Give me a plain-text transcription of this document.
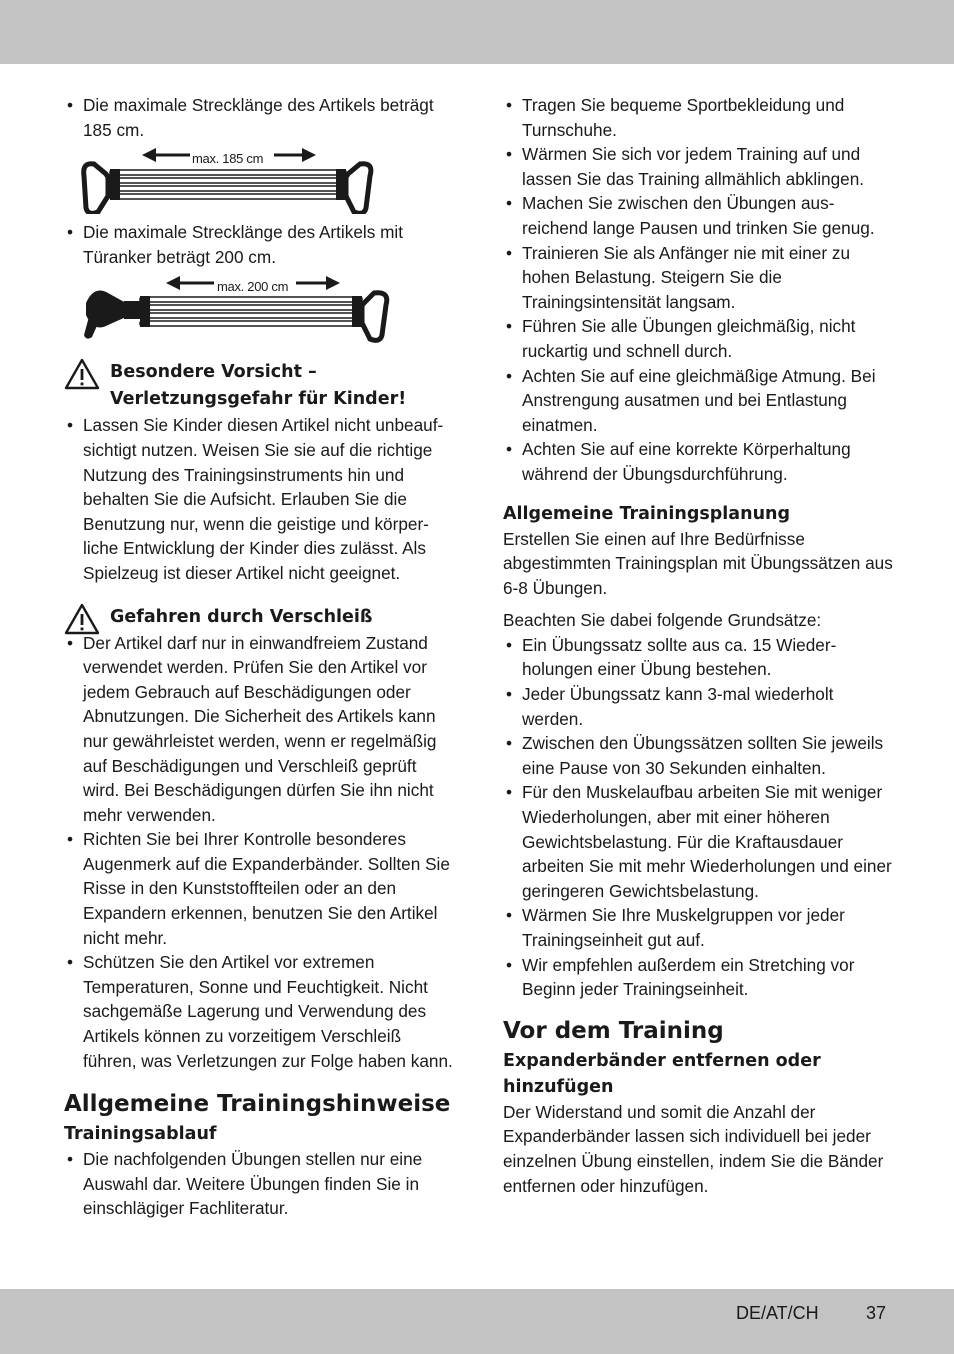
• Die maximale Strecklänge des Artikels beträgt 185 cm.
max. 185 cm
• Die maximale Strecklänge des Artikels mit Türanker beträgt 200 cm.
max. 200 cm
Besondere Vorsicht –
Verletzungsgefahr für Kinder!
• Lassen Sie Kinder diesen Artikel nicht unbeaufsichtigt nutzen. Weisen Sie sie auf die richtige Nutzung des Trainingsinstruments hin und behalten Sie die Aufsicht. Erlauben Sie die Benutzung nur, wenn die geistige und körperliche Entwicklung der Kinder dies zulässt. Als Spielzeug ist dieser Artikel nicht geeignet.
Gefahren durch Verschleiß
• Der Artikel darf nur in einwandfreiem Zustand verwendet werden. Prüfen Sie den Artikel vor jedem Gebrauch auf Beschädigungen oder Abnutzungen. Die Sicherheit des Artikels kann nur gewährleistet werden, wenn er regelmäßig auf Beschädigungen und Verschleiß geprüft wird. Bei Beschädigungen dürfen Sie ihn nicht mehr verwenden.
• Richten Sie bei Ihrer Kontrolle besonderes Augenmerk auf die Expanderbänder. Sollten Sie Risse in den Kunststoffteilen oder an den Expandern erkennen, benutzen Sie den Artikel nicht mehr.
• Schützen Sie den Artikel vor extremen Temperaturen, Sonne und Feuchtigkeit. Nicht sachgemäße Lagerung und Verwendung des Artikels können zu vorzeitigem Verschleiß führen, was Verletzungen zur Folge haben kann.
Allgemeine Trainingshinweise
Trainingsablauf
• Die nachfolgenden Übungen stellen nur eine Auswahl dar. Weitere Übungen finden Sie in einschlägiger Fachliteratur.
• Tragen Sie bequeme Sportbekleidung und Turnschuhe.
• Wärmen Sie sich vor jedem Training auf und lassen Sie das Training allmählich abklingen.
• Machen Sie zwischen den Übungen ausreichend lange Pausen und trinken Sie genug.
• Trainieren Sie als Anfänger nie mit einer zu hohen Belastung. Steigern Sie die Trainingsintensität langsam.
• Führen Sie alle Übungen gleichmäßig, nicht ruckartig und schnell durch.
• Achten Sie auf eine gleichmäßige Atmung. Bei Anstrengung ausatmen und bei Entlastung einatmen.
• Achten Sie auf eine korrekte Körperhaltung während der Übungsdurchführung.
Allgemeine Trainingsplanung

Erstellen Sie einen auf Ihre Bedürfnisse abgestimmten Trainingsplan mit Übungssätzen aus 6-8 Übungen.

Beachten Sie dabei folgende Grundsätze:

• Ein Übungssatz sollte aus ca. 15 Wiederholungen einer Übung bestehen.
• Jeder Übungssatz kann 3-mal wiederholt werden.
• Zwischen den Übungssätzen sollten Sie jeweils eine Pause von 30 Sekunden einhalten.
• Für den Muskelaufbau arbeiten Sie mit weniger Wiederholungen, aber mit einer höheren Gewichtsbelastung. Für die Kraftausdauer arbeiten Sie mit mehr Wiederholungen und einer geringeren Gewichtsbelastung.
• Wärmen Sie Ihre Muskelgruppen vor jeder Trainingseinheit gut auf.
• Wir empfehlen außerdem ein Stretching vor Beginn jeder Trainingseinheit.
Vor dem Training
Expanderbänder entfernen oder hinzufügen

Der Widerstand und somit die Anzahl der Expanderbänder lassen sich individuell bei jeder einzelnen Übung einstellen, indem Sie die Bänder entfernen oder hinzufügen.

DE/AT/CH	37
